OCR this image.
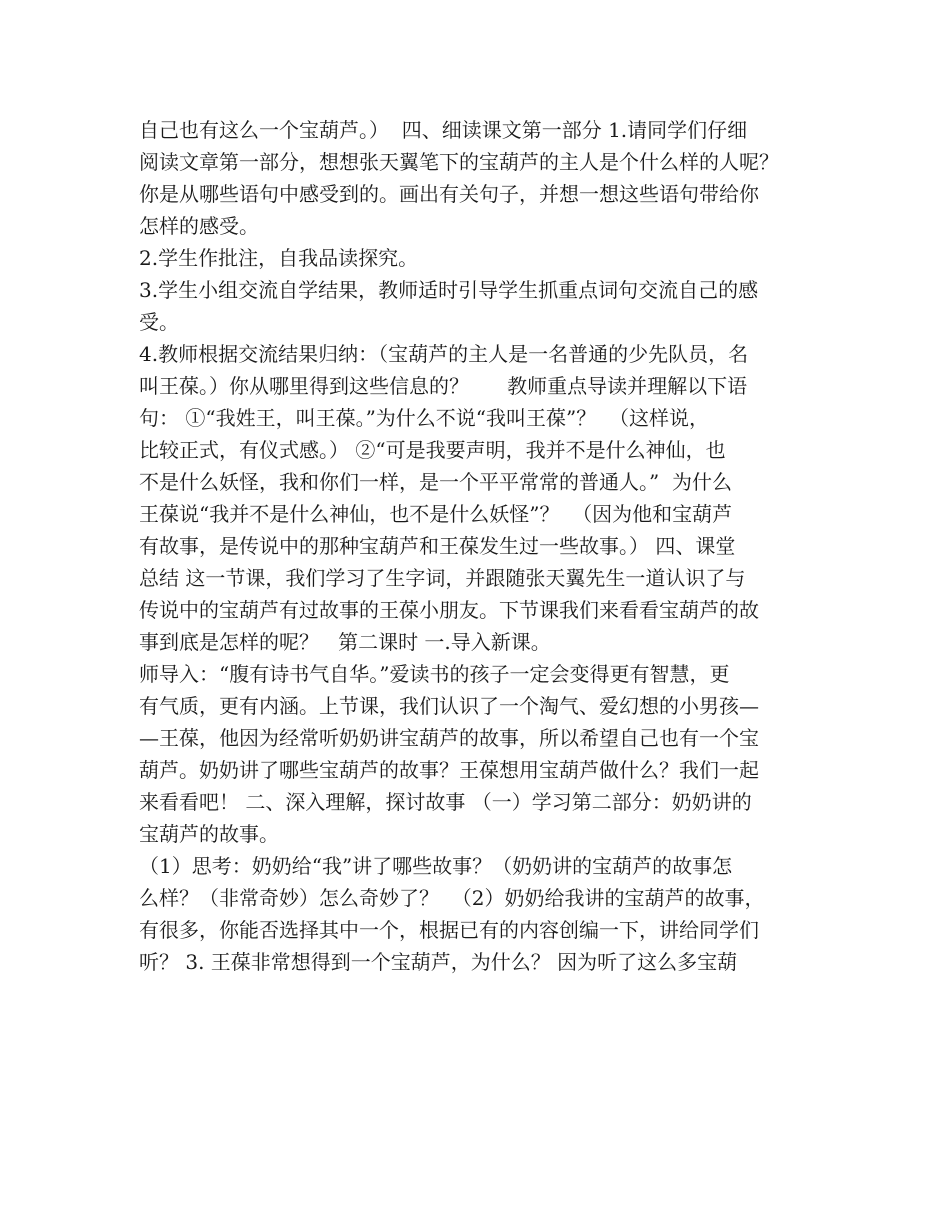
自己也有这么一个宝葫芦。）  四、细读课文第一部分 1.请同学们仔细
阅读文章第一部分，想想张天翼笔下的宝葫芦的主人是个什么样的人呢？
你是从哪些语句中感受到的。画出有关句子，并想一想这些语句带给你
怎样的感受。
2.学生作批注，自我品读探究。
3.学生小组交流自学结果，教师适时引导学生抓重点词句交流自己的感
受。
4.教师根据交流结果归纳：（宝葫芦的主人是一名普通的少先队员，名
叫王葆。）你从哪里得到这些信息的？      教师重点导读并理解以下语
句： ①“我姓王，叫王葆。”为什么不说“我叫王葆”？  （这样说，
比较正式，有仪式感。） ②“可是我要声明，我并不是什么神仙，也
不是什么妖怪，我和你们一样，是一个平平常常的普通人。”  为什么
王葆说“我并不是什么神仙，也不是什么妖怪”？  （因为他和宝葫芦
有故事，是传说中的那种宝葫芦和王葆发生过一些故事。） 四、课堂
总结 这一节课，我们学习了生字词，并跟随张天翼先生一道认识了与
传说中的宝葫芦有过故事的王葆小朋友。下节课我们来看看宝葫芦的故
事到底是怎样的呢？   第二课时 一.导入新课。
师导入：“腹有诗书气自华。”爱读书的孩子一定会变得更有智慧，更
有气质，更有内涵。上节课，我们认识了一个淘气、爱幻想的小男孩—
—王葆，他因为经常听奶奶讲宝葫芦的故事，所以希望自己也有一个宝
葫芦。奶奶讲了哪些宝葫芦的故事？王葆想用宝葫芦做什么？我们一起
来看看吧！ 二、深入理解，探讨故事 （一）学习第二部分：奶奶讲的
宝葫芦的故事。
（1）思考：奶奶给“我”讲了哪些故事？（奶奶讲的宝葫芦的故事怎
么样？（非常奇妙）怎么奇妙了？  （2）奶奶给我讲的宝葫芦的故事，
有很多，你能否选择其中一个，根据已有的内容创编一下，讲给同学们
听？ 3. 王葆非常想得到一个宝葫芦，为什么？ 因为听了这么多宝葫
